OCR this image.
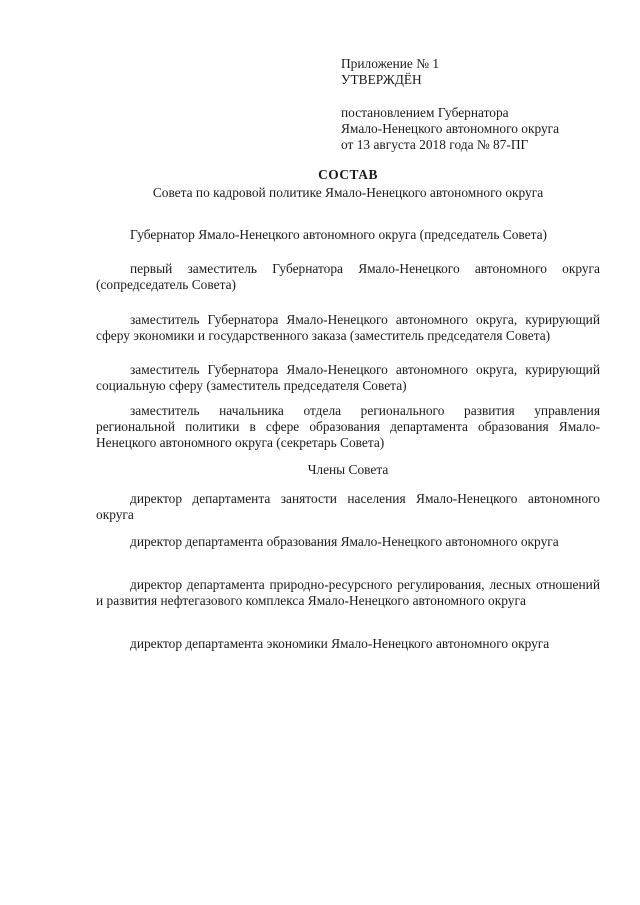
Приложение № 1
УТВЕРЖДЁН
постановлением Губернатора
Ямало-Ненецкого автономного округа
от 13 августа 2018 года № 87-ПГ
СОСТАВ
Совета по кадровой политике Ямало-Ненецкого автономного округа
Губернатор Ямало-Ненецкого автономного округа (председатель Совета)
первый заместитель Губернатора Ямало-Ненецкого автономного округа (сопредседатель Совета)
заместитель Губернатора Ямало-Ненецкого автономного округа, курирующий сферу экономики и государственного заказа (заместитель председателя Совета)
заместитель Губернатора Ямало-Ненецкого автономного округа, курирующий социальную сферу (заместитель председателя Совета)
заместитель начальника отдела регионального развития управления региональной политики в сфере образования департамента образования Ямало-Ненецкого автономного округа (секретарь Совета)
Члены Совета
директор департамента занятости населения Ямало-Ненецкого автономного округа
директор департамента образования Ямало-Ненецкого автономного округа
директор департамента природно-ресурсного регулирования, лесных отношений и развития нефтегазового комплекса Ямало-Ненецкого автономного округа
директор департамента экономики Ямало-Ненецкого автономного округа
